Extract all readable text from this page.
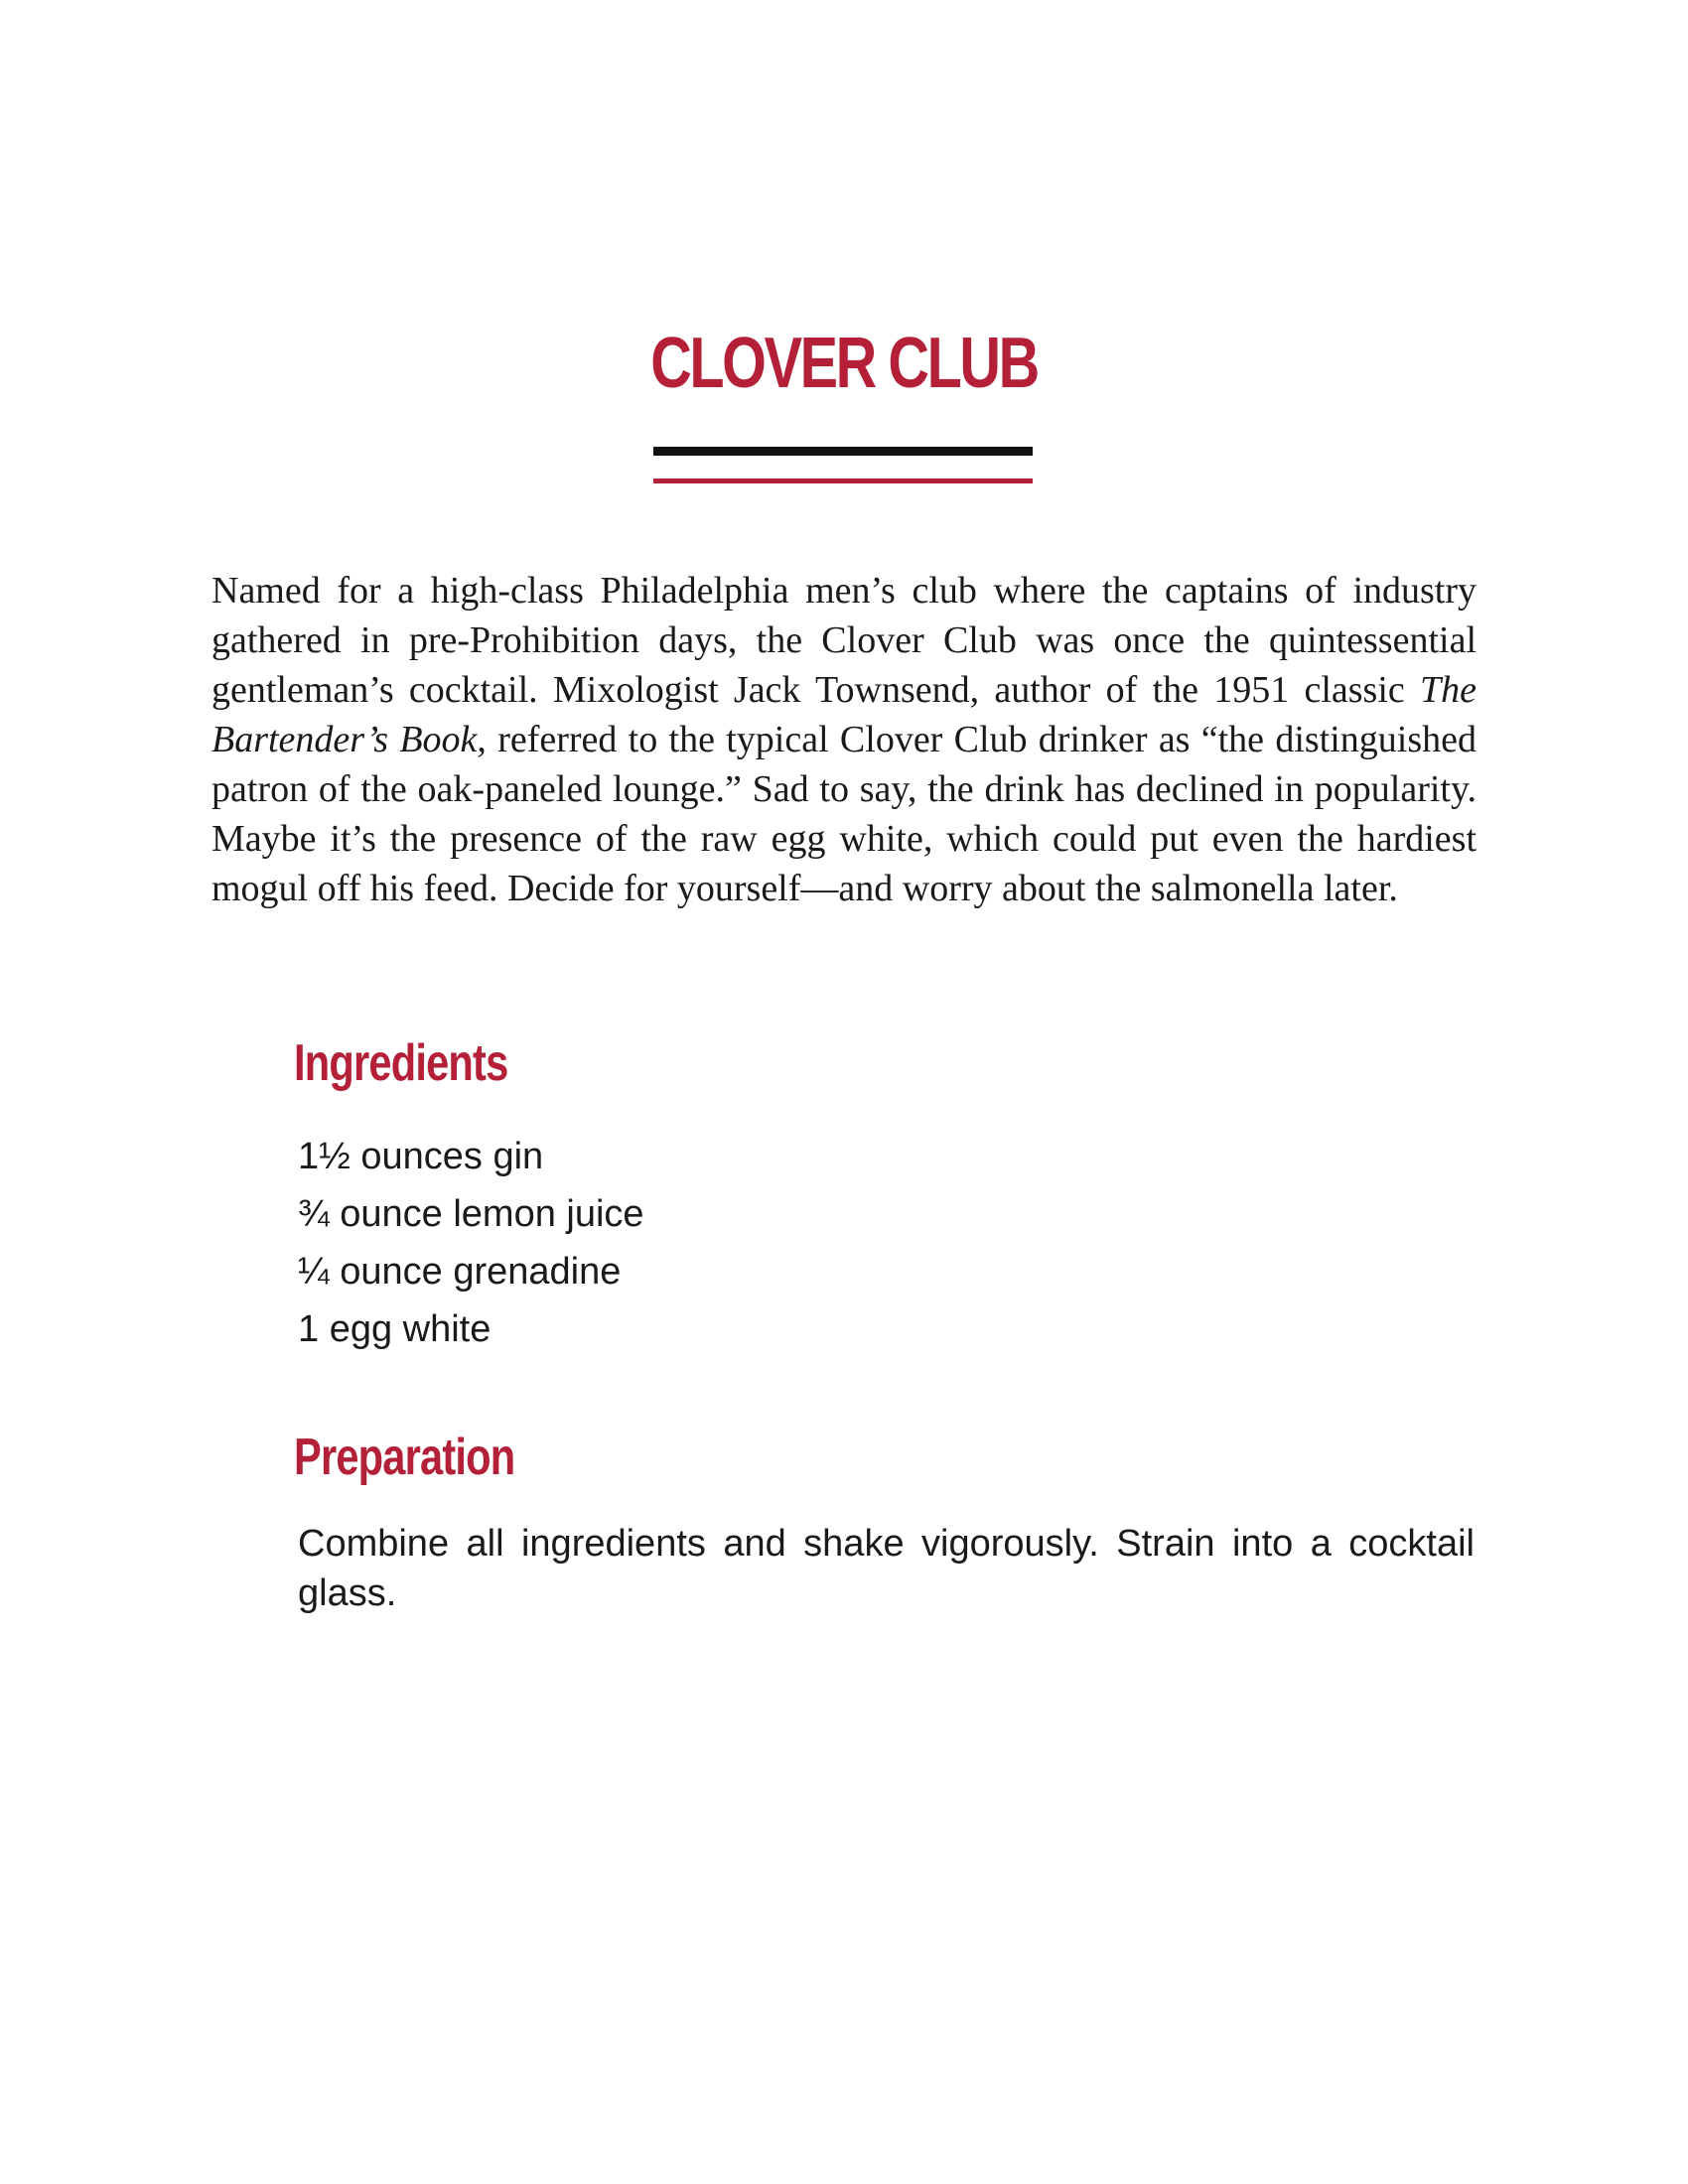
CLOVER CLUB

Named for a high-class Philadelphia men’s club where the captains of industry gathered in pre-Prohibition days, the Clover Club was once the quintessential gentleman’s cocktail. Mixologist Jack Townsend, author of the 1951 classic The Bartender’s Book, referred to the typical Clover Club drinker as “the distinguished patron of the oak-paneled lounge.” Sad to say, the drink has declined in popularity. Maybe it’s the presence of the raw egg white, which could put even the hardiest mogul off his feed. Decide for yourself—and worry about the salmonella later.

Ingredients
1½ ounces gin
¾ ounce lemon juice
¼ ounce grenadine
1 egg white
Preparation

Combine all ingredients and shake vigorously. Strain into a cocktail glass.
